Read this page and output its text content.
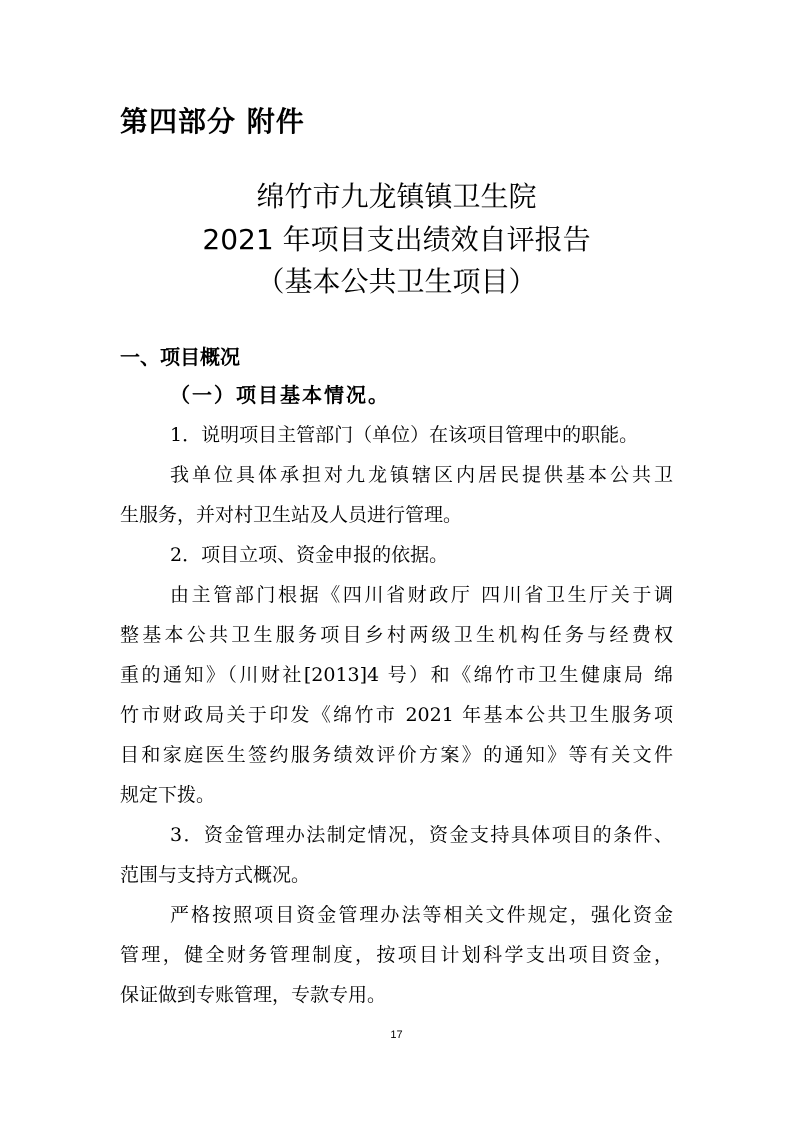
第四部分 附件
绵竹市九龙镇镇卫生院
2021 年项目支出绩效自评报告
（基本公共卫生项目）
一、项目概况
（一）项目基本情况。
1．说明项目主管部门（单位）在该项目管理中的职能。
我单位具体承担对九龙镇辖区内居民提供基本公共卫
生服务，并对村卫生站及人员进行管理。
2．项目立项、资金申报的依据。
由主管部门根据《四川省财政厅 四川省卫生厅关于调
整基本公共卫生服务项目乡村两级卫生机构任务与经费权
重的通知》（川财社[2013]4 号）和《绵竹市卫生健康局 绵
竹市财政局关于印发《绵竹市 2021 年基本公共卫生服务项
目和家庭医生签约服务绩效评价方案》的通知》等有关文件
规定下拨。
3．资金管理办法制定情况，资金支持具体项目的条件、
范围与支持方式概况。
严格按照项目资金管理办法等相关文件规定，强化资金
管理，健全财务管理制度，按项目计划科学支出项目资金，
保证做到专账管理，专款专用。
17
